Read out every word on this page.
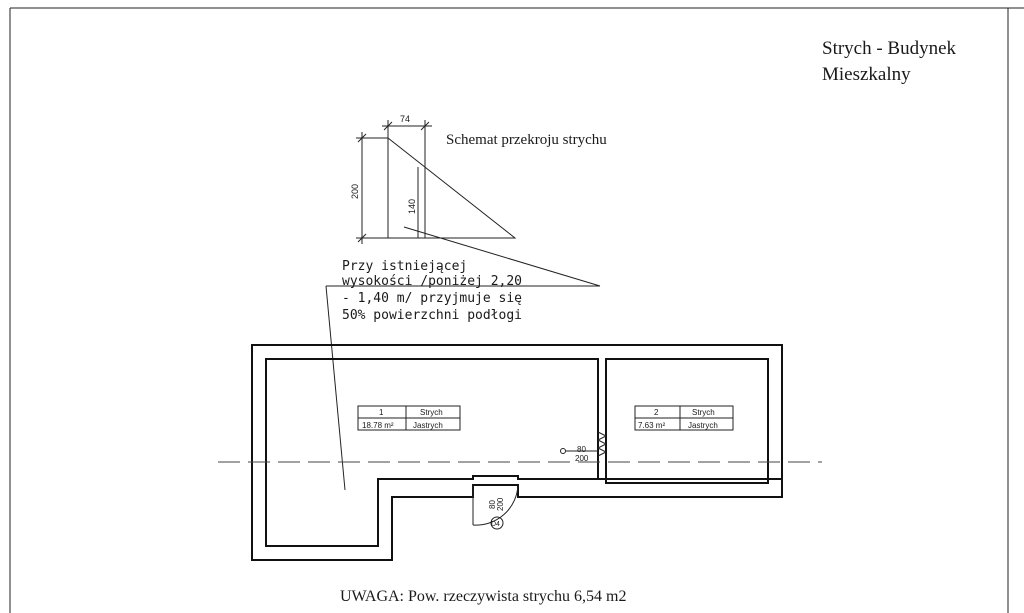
Strych - Budynek
Mieszkalny
74
200
140
Schemat przekroju strychu
Przy istniejącej
wysokości /poniżej 2,20
- 1,40 m/ przyjmuje się
50% powierzchni podłogi
1	Strych
18.78 m² Jastrych
2	Strych
7.63 m²	Jastrych
80
200
80 200
D4
UWAGA: Pow. rzeczywista strychu 6,54 m2
